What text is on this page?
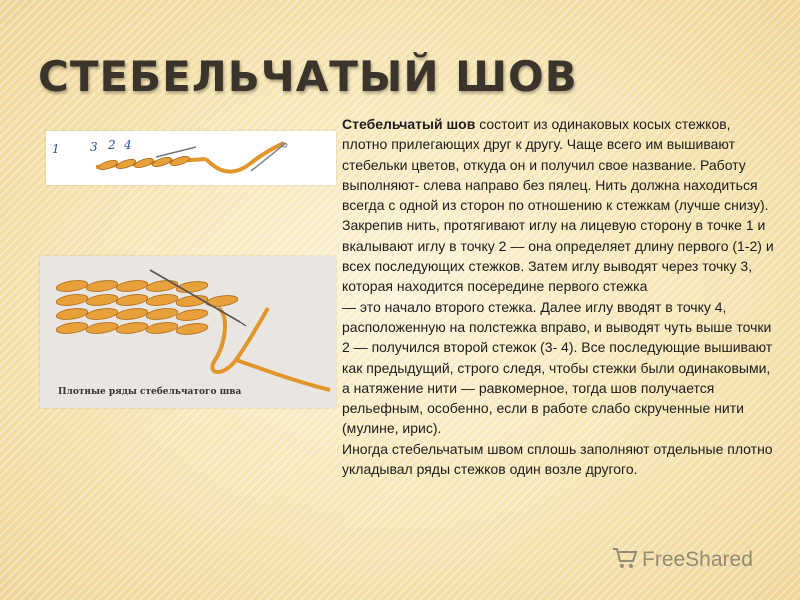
СТЕБЕЛЬЧАТЫЙ ШОВ
1	3 2 4
Плотные ряды стебельчатого шва

Стебельчатый шов состоит из одинаковых косых стежков, плотно прилегающих друг к другу. Чаще всего им вышивают стебельки цветов, откуда он и получил свое название. Работу выполняют- слева направо без пялец. Нить должна находиться всегда с одной из сторон по отношению к стежкам (лучше снизу). Закрепив нить, протягивают иглу на лицевую сторону в точке 1 и вкалывают иглу в точку 2 — она определяет длину первого (1-2) и всех последующих стежков. Затем иглу выводят через точку 3, которая находится посередине первого стежка

— это начало второго стежка. Далее иглу вводят в точку 4, расположенную на полстежка вправо, и выводят чуть выше точки 2 — получился второй стежок (3- 4). Все последующие вышивают как предыдущий, строго следя, чтобы стежки были одинаковыми, а натяжение нити — равкомерное, тогда шов получается рельефным, особенно, если в работе слабо скрученные нити (мулине, ирис).

Иногда стебельчатым швом сплошь заполняют отдельные плотно укладывал ряды стежков один возле другого.

FreeShared
